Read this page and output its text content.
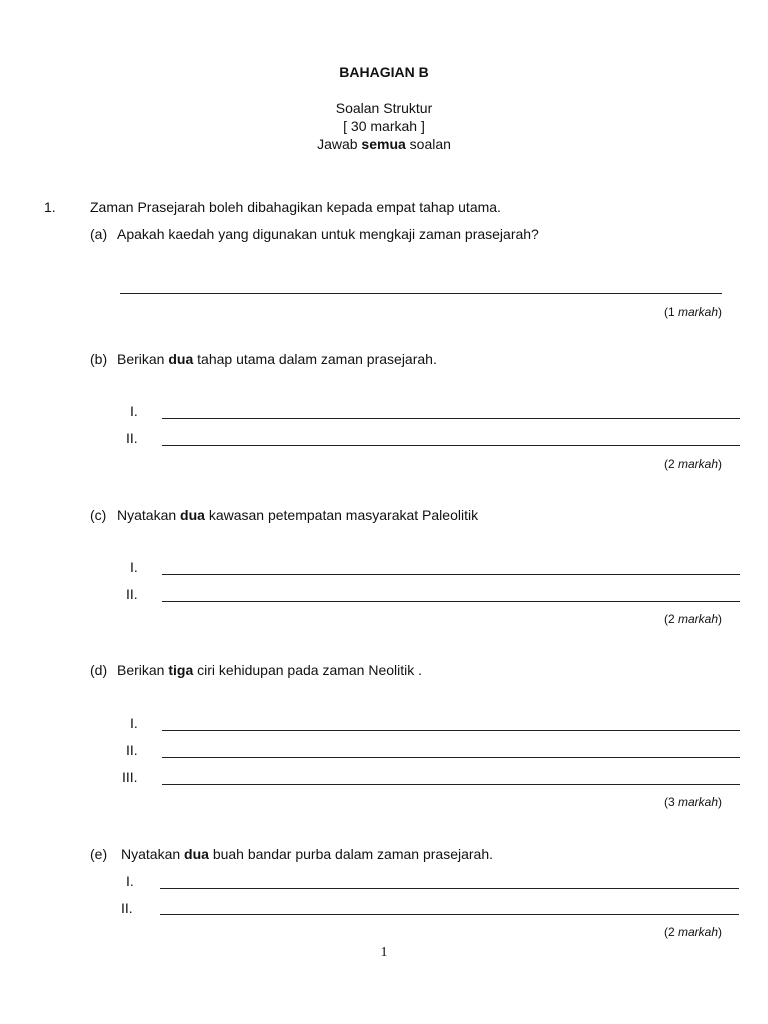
BAHAGIAN B
Soalan Struktur
[ 30 markah ]
Jawab semua soalan
1. Zaman Prasejarah boleh dibahagikan kepada empat tahap utama.
(a) Apakah kaedah yang digunakan untuk mengkaji zaman prasejarah?
(1 markah)
(b) Berikan dua tahap utama dalam zaman prasejarah.
I.
II.
(2 markah)
(c) Nyatakan dua kawasan petempatan masyarakat Paleolitik
I.
II.
(2 markah)
(d) Berikan tiga ciri kehidupan pada zaman Neolitik .
I.
II.
III.
(3 markah)
(e) Nyatakan dua buah bandar purba dalam zaman prasejarah.
I.
II.
(2 markah)
1
